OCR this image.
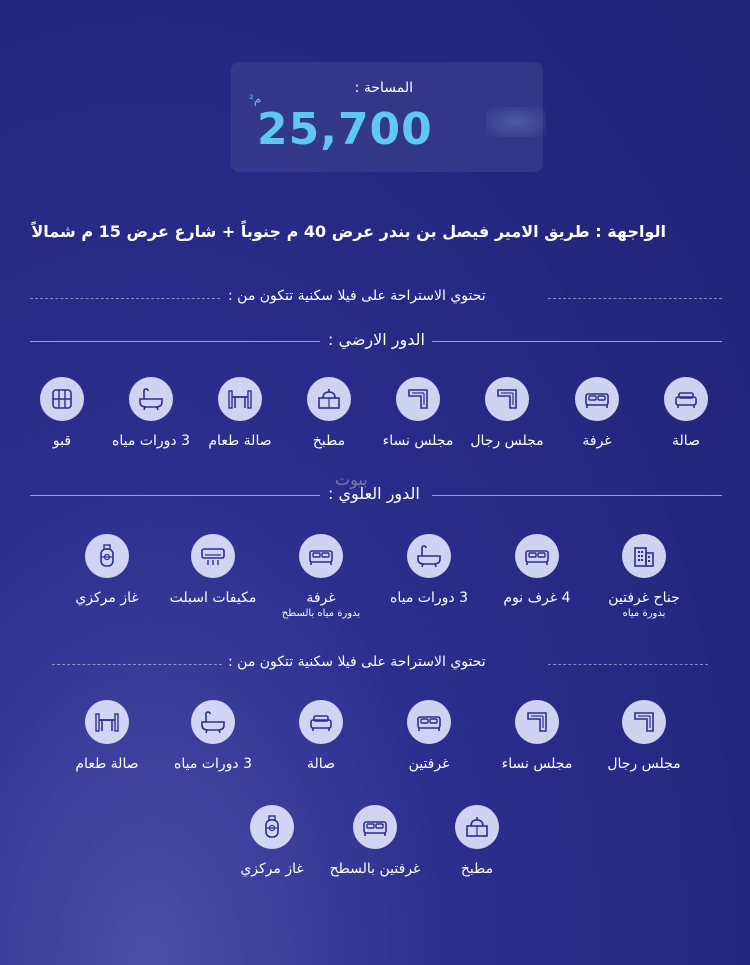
المساحة :
م²
25,700
الواجهة : طريق الامير فيصل بن بندر عرض 40 م جنوباً + شارع عرض 15 م شمالاً
تحتوي الاستراحة على فيلا سكنية تتكون من :
الدور الارضي :
صالة
غرفة
مجلس رجال
مجلس نساء
مطبخ
صالة طعام
3 دورات مياه
قبو
بيوت
الدور العلوي :
جناح غرفتين
بدورة مياه
4 غرف نوم
3 دورات مياه
غرفة
بدورة مياه بالسطح
مكيفات اسبلت
غاز مركزي
تحتوي الاستراحة على فيلا سكنية تتكون من :
مجلس رجال
مجلس نساء
غرفتين
صالة
3 دورات مياه
صالة طعام
مطبخ
غرفتين بالسطح
غاز مركزي
